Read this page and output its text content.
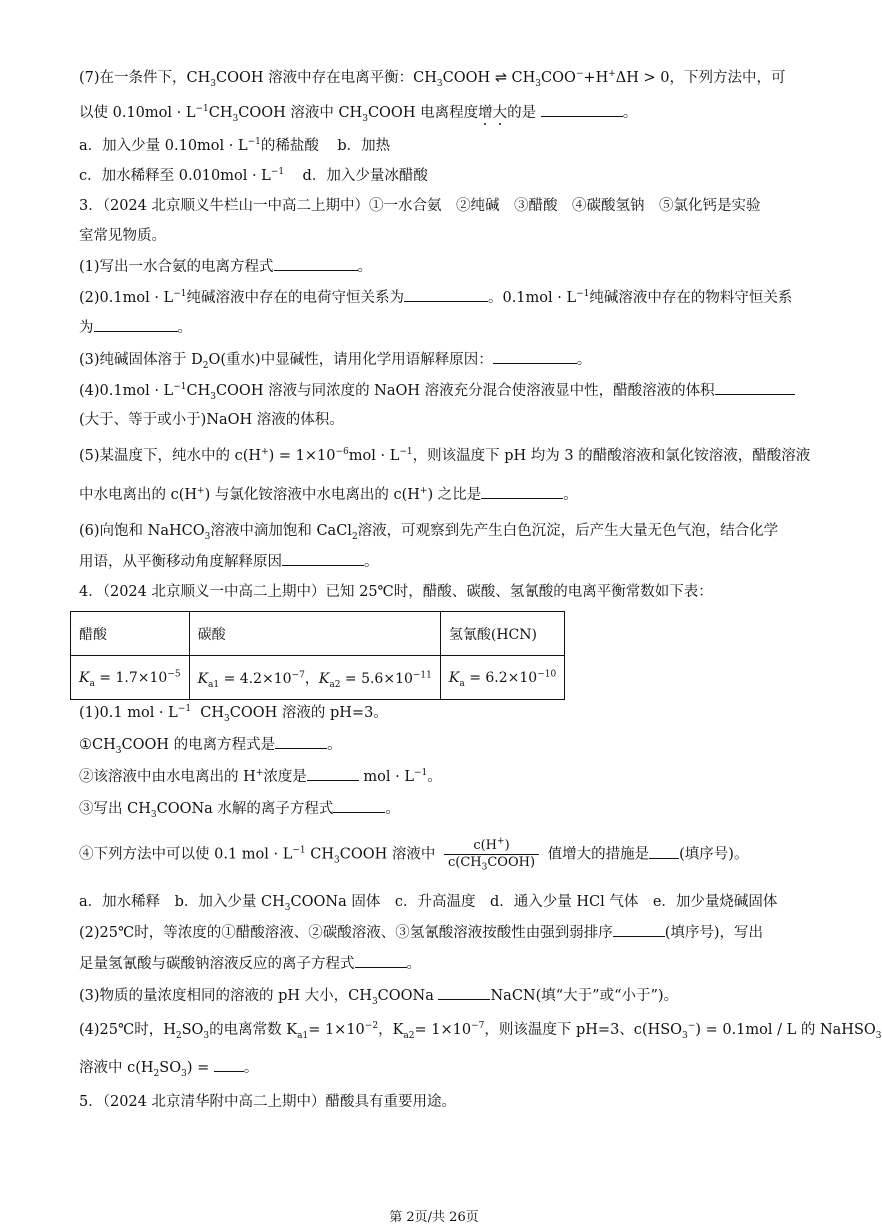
(7)在一条件下，$CH_3COOH$ 溶液中存在电离平衡：$CH_3COOH$ ⇌ $CH_3COO^-+H^+\Delta H > 0$，下列方法中，可
以使 $0.10mol \cdot L^{-1}CH_3COOH$ 溶液中 $CH_3COOH$ 电离程度增大的是	。
a．加入少量 $0.10mol \cdot L^{-1}$的稀盐酸 b．加热
c．加水稀释至 $0.010mol \cdot L^{-1}$ d．加入少量冰醋酸
3．（2024 北京顺义牛栏山一中高二上期中）①一水合氨　②纯碱　③醋酸　④碳酸氢钠　⑤氯化钙是实验
室常见物质。
(1)写出一水合氨的电离方程式	。
$(2)0.1mol \cdot L^{-1}$纯碱溶液中存在的电荷守恒关系为	。$0.1mol \cdot L^{-1}$纯碱溶液中存在的物料守恒关系
为	。
(3)纯碱固体溶于 $D_2O$(重水)中显碱性，请用化学用语解释原因：	。
$(4)0.1mol \cdot L^{-1}CH_3COOH$ 溶液与同浓度的 NaOH 溶液充分混合使溶液显中性，醋酸溶液的体积
(大于、等于或小于)NaOH 溶液的体积。
(5)某温度下，纯水中的 $c(H^+) = 1\times 10^{-6}mol \cdot L^{-1}$，则该温度下 pH 均为 3 的醋酸溶液和氯化铵溶液，醋酸溶液
中水电离出的 c(H+) 与氯化铵溶液中水电离出的 c(H+) 之比是	。
(6)向饱和 NaHCO$_3$溶液中滴加饱和 CaCl$_2$溶液，可观察到先产生白色沉淀，后产生大量无色气泡，结合化学
用语，从平衡移动角度解释原因	。
4．（2024 北京顺义一中高二上期中）已知 25℃时，醋酸、碳酸、氢氰酸的电离平衡常数如下表：
醋酸	碳酸	氢氰酸(HCN)
$K_a = 1.7\times 10^{-5}$	$K_{a1} = 4.2\times 10^{-7}$，$K_{a2} = 5.6\times 10^{-11}$	$K_a = 6.2\times 10^{-10}$
(1)0.1 mol · $L^{-1}$ $CH_3COOH$ 溶液的 pH=3。
$①CH_3COOH$ 的电离方程式是	。
②该溶液中由水电离出的 H+浓度是	mol · $L^{-1}$。
③写出 $CH_3COONa$ 水解的离子方程式	。
④下列方法中可以使 0.1 mol · $L^{-1}$ $CH_3COOH$ 溶液中 $\frac{c(H^+)}{c(CH_3COOH)}$ 值增大的措施是 (填序号)。
a．加水稀释　b．加入少量 $CH_3COONa$ 固体　c．升高温度　d．通入少量 HCl 气体　e．加少量烧碱固体
(2)25℃时，等浓度的①醋酸溶液、②碳酸溶液、③氢氰酸溶液按酸性由强到弱排序	(填序号)，写出
足量氢氰酸与碳酸钠溶液反应的离子方程式	。
(3)物质的量浓度相同的溶液的 pH 大小，$CH_3COONa$	NaCN(填“大于”或“小于”)。
(4)25℃时，$H_2SO_3$的电离常数 $K_{a1}= 1\times 10^{-2}$，$K_{a2}= 1\times 10^{-7}$，则该温度下 pH=3、$c(HSO_3^-) = 0.1mol / L$ 的 NaHSO$_3$
溶液中 $c(H_2SO_3)$ = 。
5．（2024 北京清华附中高二上期中）醋酸具有重要用途。
第 2页/共 26页
